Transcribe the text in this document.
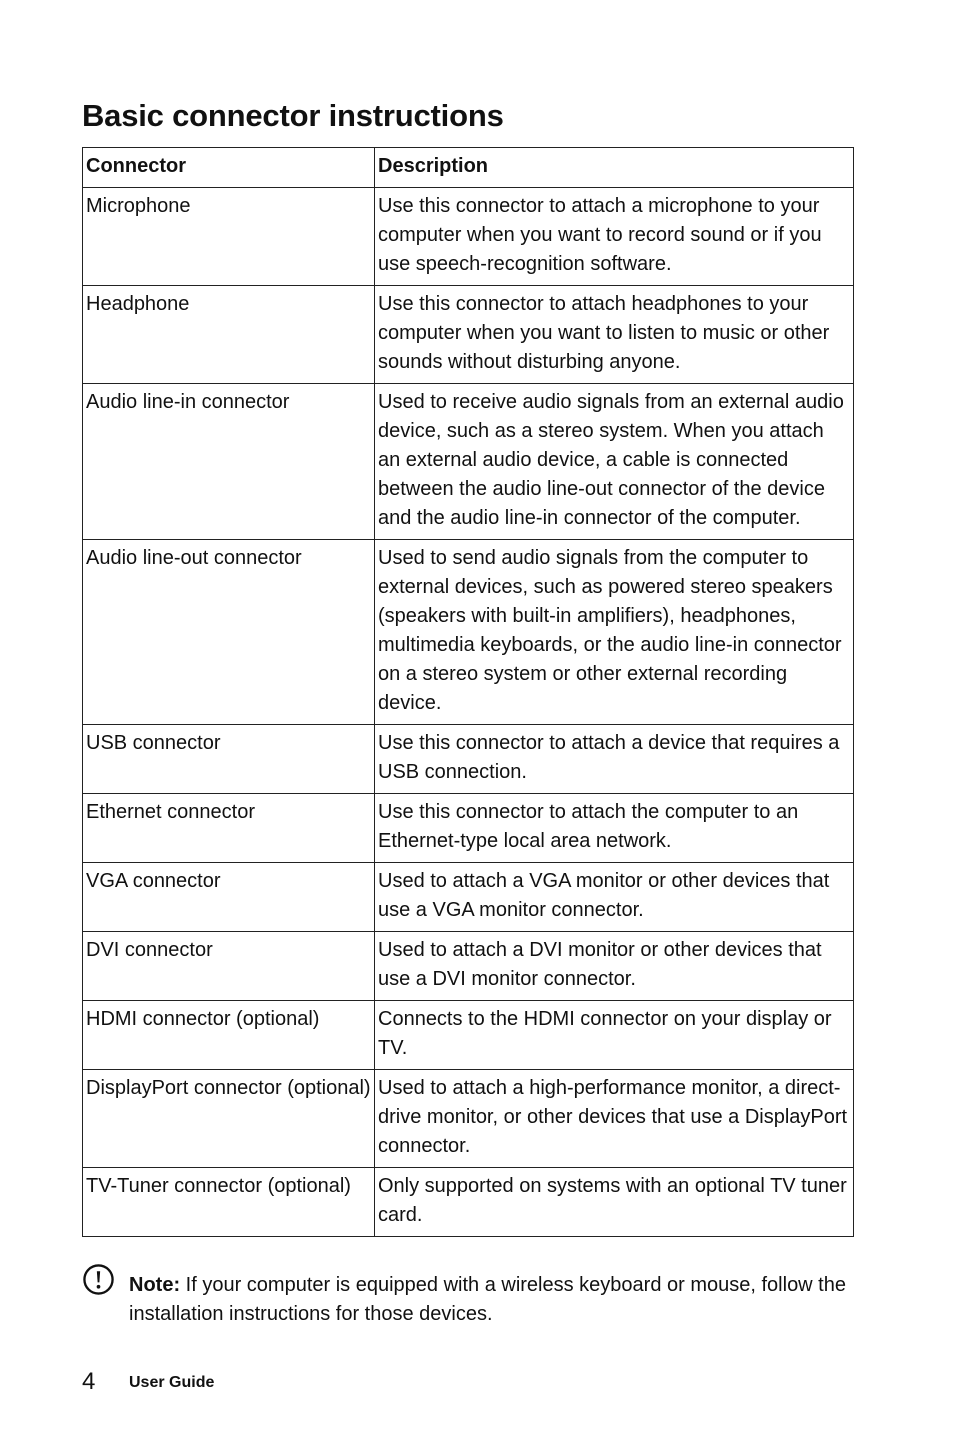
Basic connector instructions
Connector	Description
Microphone	Use this connector to attach a microphone to your computer when you want to record sound or if you use speech-recognition software.
Headphone	Use this connector to attach headphones to your computer when you want to listen to music or other sounds without disturbing anyone.
Audio line-in connector	Used to receive audio signals from an external audio device, such as a stereo system. When you attach an external audio device, a cable is connected between the audio line-out connector of the device and the audio line-in connector of the computer.
Audio line-out connector	Used to send audio signals from the computer to external devices, such as powered stereo speakers (speakers with built-in amplifiers), headphones, multimedia keyboards, or the audio line-in connector on a stereo system or other external recording device.
USB connector	Use this connector to attach a device that requires a USB connection.
Ethernet connector	Use this connector to attach the computer to an Ethernet-type local area network.
VGA connector	Used to attach a VGA monitor or other devices that use a VGA monitor connector.
DVI connector	Used to attach a DVI monitor or other devices that use a DVI monitor connector.
HDMI connector (optional)	Connects to the HDMI connector on your display or TV.
DisplayPort connector (optional)	Used to attach a high-performance monitor, a direct-drive monitor, or other devices that use a DisplayPort connector.
TV-Tuner connector (optional)	Only supported on systems with an optional TV tuner card.

Note: If your computer is equipped with a wireless keyboard or mouse, follow the installation instructions for those devices.

4 User Guide
